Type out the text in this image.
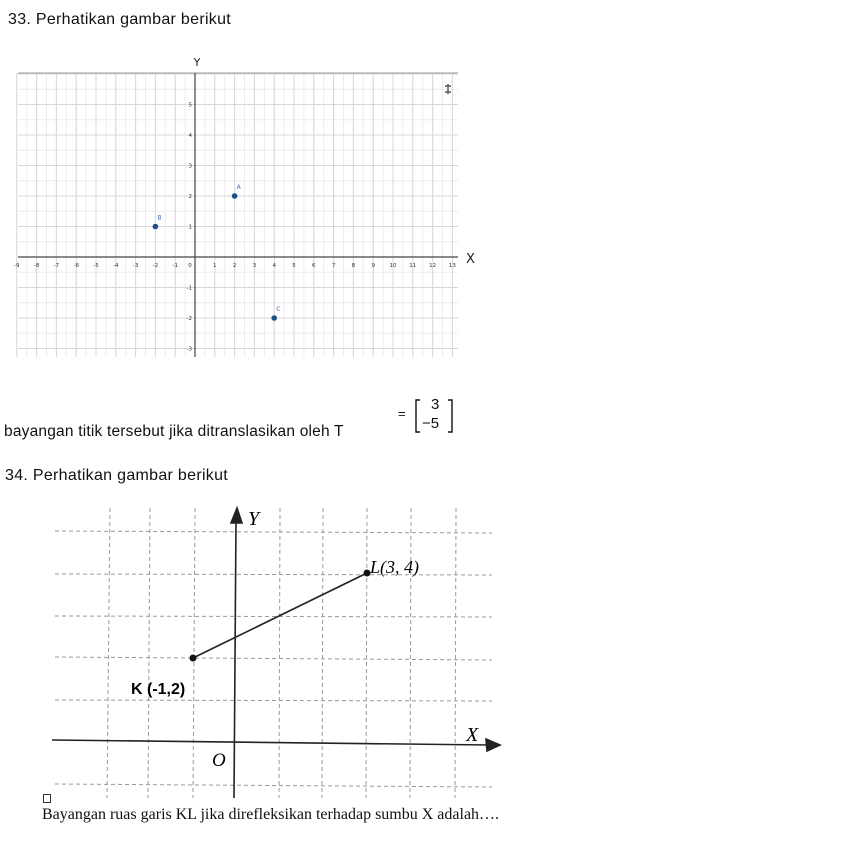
33. Perhatikan gambar berikut
-9	-8	-7	-6	-5	-4	-3	-2	-1	1	2	3	4	5	6	7	8	9	10 11 12 13
0
-3
-2
-1
1
2
3
4
5
Y
X
A
B
C
bayangan titik tersebut jika ditranslasikan oleh T
=
3
−5
34. Perhatikan gambar berikut
Y
X
O
L(3, 4)
K (-1,2)
Bayangan ruas garis KL jika direfleksikan terhadap sumbu X adalah….
